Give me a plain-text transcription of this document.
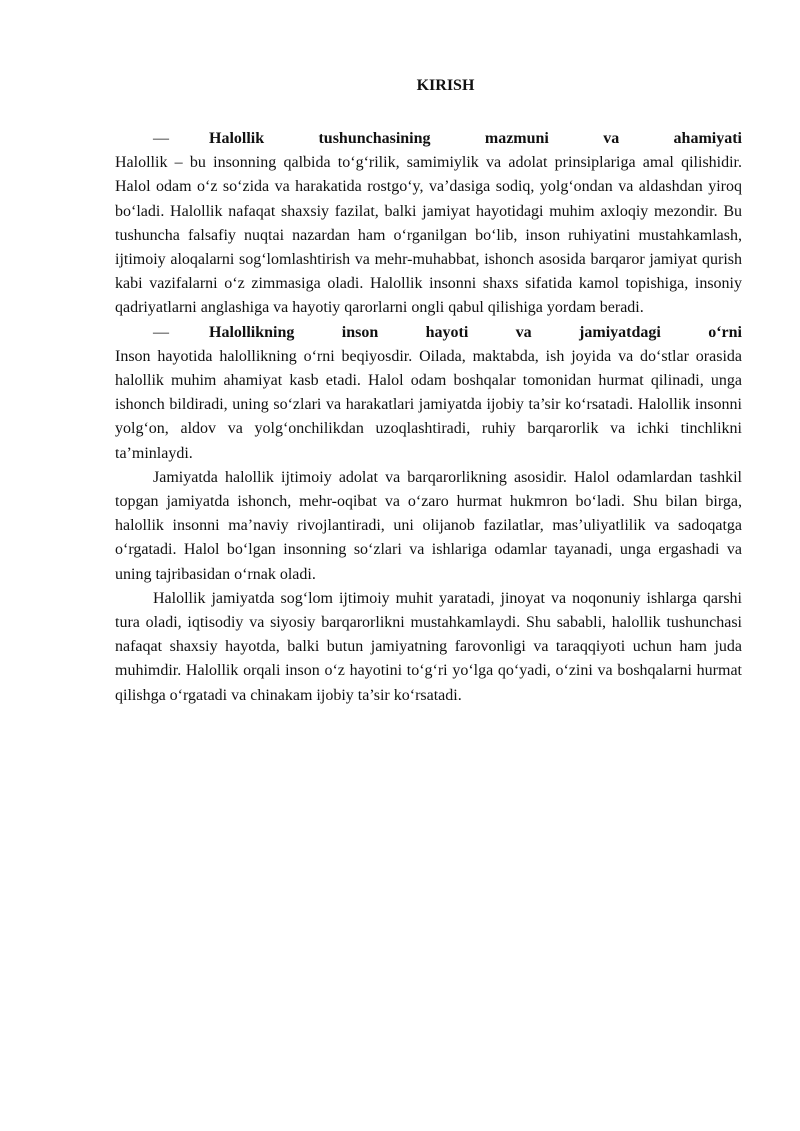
KIRISH
—   	Halollik tushunchasining mazmuni va ahamiyati

Halollik – bu insonning qalbida to‘g‘rilik, samimiylik va adolat prinsiplariga amal qilishidir. Halol odam o‘z so‘zida va harakatida rostgo‘y, va’dasiga sodiq, yolg‘ondan va aldashdan yiroq bo‘ladi. Halollik nafaqat shaxsiy fazilat, balki jamiyat hayotidagi muhim axloqiy mezondir. Bu tushuncha falsafiy nuqtai nazardan ham o‘rganilgan bo‘lib, inson ruhiyatini mustahkamlash, ijtimoiy aloqalarni sog‘lomlashtirish va mehr-muhabbat, ishonch asosida barqaror jamiyat qurish kabi vazifalarni o‘z zimmasiga oladi. Halollik insonni shaxs sifatida kamol topishiga, insoniy qadriyatlarni anglashiga va hayotiy qarorlarni ongli qabul qilishiga yordam beradi.

—   	Halollikning inson hayoti va jamiyatdagi o‘rni

Inson hayotida halollikning o‘rni beqiyosdir. Oilada, maktabda, ish joyida va do‘stlar orasida halollik muhim ahamiyat kasb etadi. Halol odam boshqalar tomonidan hurmat qilinadi, unga ishonch bildiradi, uning so‘zlari va harakatlari jamiyatda ijobiy ta’sir ko‘rsatadi. Halollik insonni yolg‘on, aldov va yolg‘onchilikdan uzoqlashtiradi, ruhiy barqarorlik va ichki tinchlikni ta’minlaydi.

Jamiyatda halollik ijtimoiy adolat va barqarorlikning asosidir. Halol odamlardan tashkil topgan jamiyatda ishonch, mehr-oqibat va o‘zaro hurmat hukmron bo‘ladi. Shu bilan birga, halollik insonni ma’naviy rivojlantiradi, uni olijanob fazilatlar, mas’uliyatlilik va sadoqatga o‘rgatadi. Halol bo‘lgan insonning so‘zlari va ishlariga odamlar tayanadi, unga ergashadi va uning tajribasidan o‘rnak oladi.

Halollik jamiyatda sog‘lom ijtimoiy muhit yaratadi, jinoyat va noqonuniy ishlarga qarshi tura oladi, iqtisodiy va siyosiy barqarorlikni mustahkamlaydi. Shu sababli, halollik tushunchasi nafaqat shaxsiy hayotda, balki butun jamiyatning farovonligi va taraqqiyoti uchun ham juda muhimdir. Halollik orqali inson o‘z hayotini to‘g‘ri yo‘lga qo‘yadi, o‘zini va boshqalarni hurmat qilishga o‘rgatadi va chinakam ijobiy ta’sir ko‘rsatadi.
